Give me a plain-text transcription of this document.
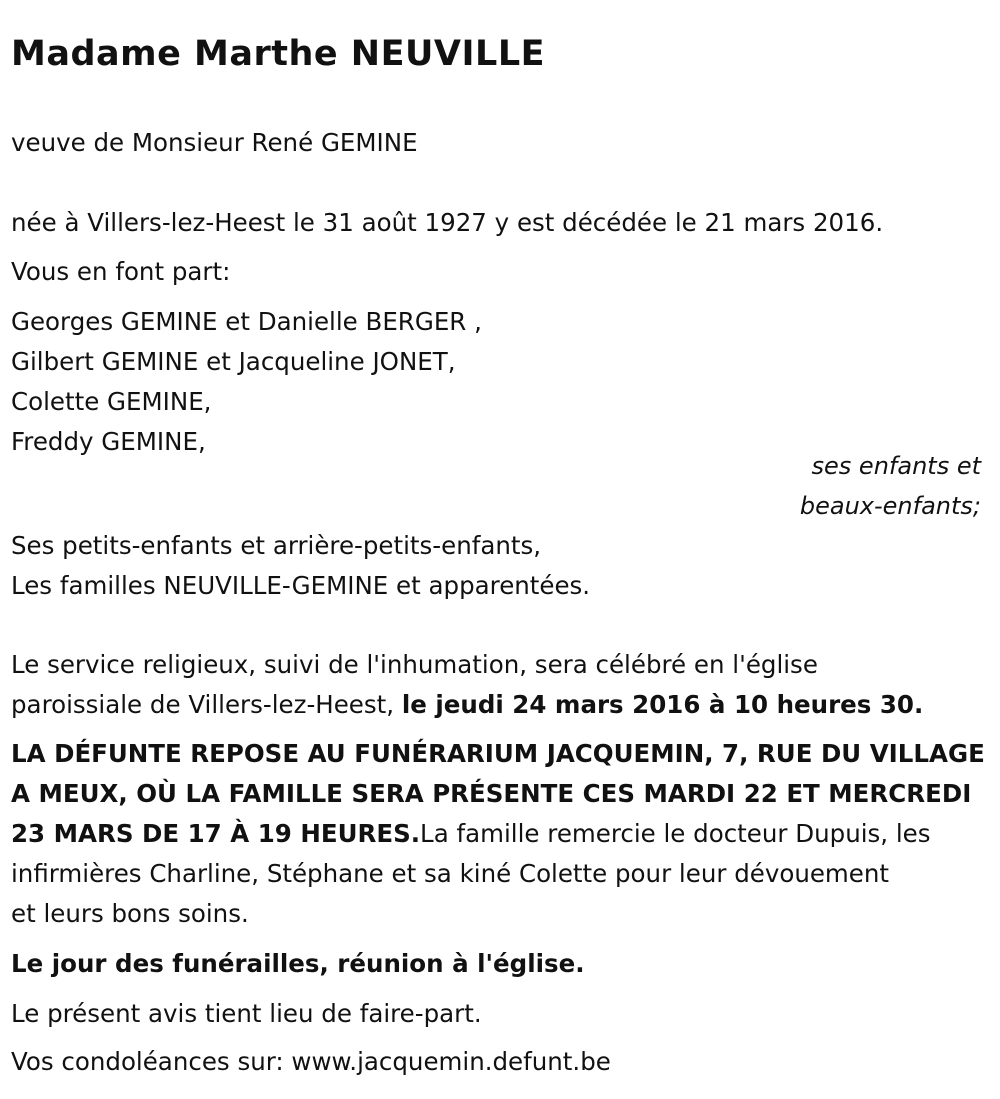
Madame Marthe NEUVILLE
veuve de Monsieur René GEMINE
née à Villers-lez-Heest le 31 août 1927 y est décédée le 21 mars 2016.
Vous en font part:
Georges GEMINE et Danielle BERGER ,
Gilbert GEMINE et Jacqueline JONET,
Colette GEMINE,
Freddy GEMINE,
ses enfants et
beaux-enfants;
Ses petits-enfants et arrière-petits-enfants,
Les familles NEUVILLE-GEMINE et apparentées.
Le service religieux, suivi de l'inhumation, sera célébré en l'église
paroissiale de Villers-lez-Heest, le jeudi 24 mars 2016 à 10 heures 30.
LA DÉFUNTE REPOSE AU FUNÉRARIUM JACQUEMIN, 7, RUE DU VILLAGE
A MEUX, OÙ LA FAMILLE SERA PRÉSENTE CES MARDI 22 ET MERCREDI
23 MARS DE 17 À 19 HEURES.La famille remercie le docteur Dupuis, les
infirmières Charline, Stéphane et sa kiné Colette pour leur dévouement
et leurs bons soins.
Le jour des funérailles, réunion à l'église.
Le présent avis tient lieu de faire-part.
Vos condoléances sur: www.jacquemin.defunt.be
